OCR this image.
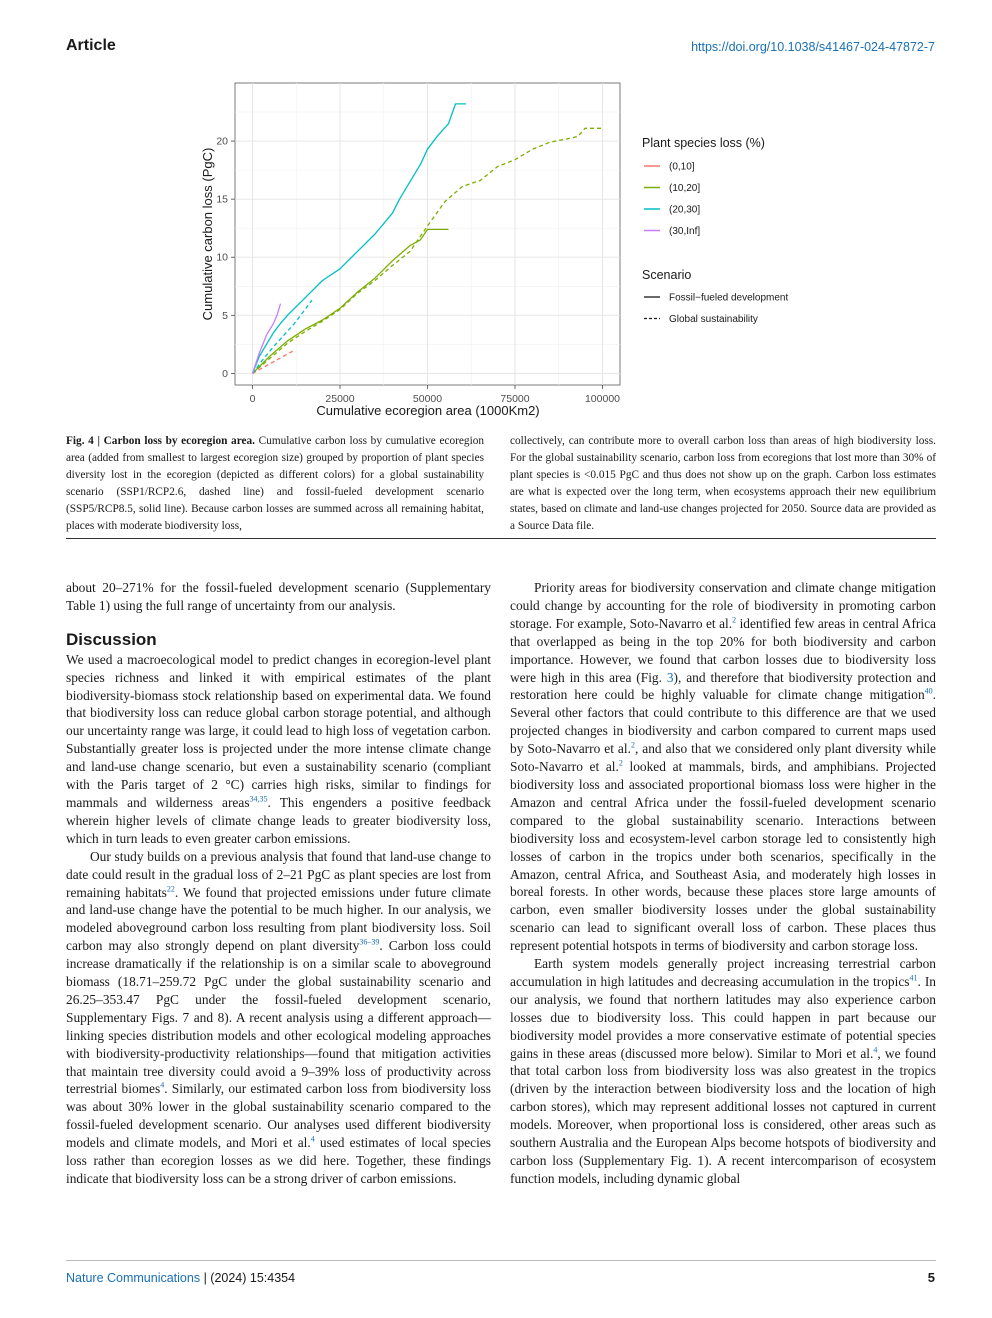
Article	https://doi.org/10.1038/s41467-024-47872-7
0	25000	50000	75000	100000
0
5
10
15
20
Cumulative carbon loss (PgC)
Cumulative ecoregion area (1000Km2)
Plant species loss (%)
(0,10]
(10,20]
(20,30]
(30,Inf]
Scenario
Fossil−fueled development
Global sustainability
Fig. 4 | Carbon loss by ecoregion area. Cumulative carbon loss by cumulative ecoregion area (added from smallest to largest ecoregion size) grouped by proportion of plant species diversity lost in the ecoregion (depicted as different colors) for a global sustainability scenario (SSP1/RCP2.6, dashed line) and fossil-fueled development scenario (SSP5/RCP8.5, solid line). Because carbon losses are summed across all remaining habitat, places with moderate biodiversity loss,
collectively, can contribute more to overall carbon loss than areas of high biodiversity loss. For the global sustainability scenario, carbon loss from ecoregions that lost more than 30% of plant species is <0.015 PgC and thus does not show up on the graph. Carbon loss estimates are what is expected over the long term, when ecosystems approach their new equilibrium states, based on climate and land-use changes projected for 2050. Source data are provided as a Source Data file.

about 20–271% for the fossil-fueled development scenario (Supplementary Table 1) using the full range of uncertainty from our analysis.

Discussion

We used a macroecological model to predict changes in ecoregion-level plant species richness and linked it with empirical estimates of the plant biodiversity-biomass stock relationship based on experimental data. We found that biodiversity loss can reduce global carbon storage potential, and although our uncertainty range was large, it could lead to high loss of vegetation carbon. Substantially greater loss is projected under the more intense climate change and land-use change scenario, but even a sustainability scenario (compliant with the Paris target of 2 °C) carries high risks, similar to findings for mammals and wilderness areas$^{34,35}$. This engenders a positive feedback wherein higher levels of climate change leads to greater biodiversity loss, which in turn leads to even greater carbon emissions.

Our study builds on a previous analysis that found that land-use change to date could result in the gradual loss of 2–21 PgC as plant species are lost from remaining habitats$^{22}$. We found that projected emissions under future climate and land-use change have the potential to be much higher. In our analysis, we modeled aboveground carbon loss resulting from plant biodiversity loss. Soil carbon may also strongly depend on plant diversity$^{36-39}$. Carbon loss could increase dramatically if the relationship is on a similar scale to aboveground biomass (18.71–259.72 PgC under the global sustainability scenario and 26.25–353.47 PgC under the fossil-fueled development scenario, Supplementary Figs. 7 and 8). A recent analysis using a different approach—linking species distribution models and other ecological modeling approaches with biodiversity-productivity relationships—found that mitigation activities that maintain tree diversity could avoid a 9–39% loss of productivity across terrestrial biomes$^4$. Similarly, our estimated carbon loss from biodiversity loss was about 30% lower in the global sustainability scenario compared to the fossil-fueled development scenario. Our analyses used different biodiversity models and climate models, and Mori et al.$^4$ used estimates of local species loss rather than ecoregion losses as we did here. Together, these findings indicate that biodiversity loss can be a strong driver of carbon emissions.

Priority areas for biodiversity conservation and climate change mitigation could change by accounting for the role of biodiversity in promoting carbon storage. For example, Soto-Navarro et al.$^2$ identified few areas in central Africa that overlapped as being in the top 20% for both biodiversity and carbon importance. However, we found that carbon losses due to biodiversity loss were high in this area (Fig. 3), and therefore that biodiversity protection and restoration here could be highly valuable for climate change mitigation$^{40}$. Several other factors that could contribute to this difference are that we used projected changes in biodiversity and carbon compared to current maps used by Soto-Navarro et al.$^2$, and also that we considered only plant diversity while Soto-Navarro et al.$^2$ looked at mammals, birds, and amphibians. Projected biodiversity loss and associated proportional biomass loss were higher in the Amazon and central Africa under the fossil-fueled development scenario compared to the global sustainability scenario. Interactions between biodiversity loss and ecosystem-level carbon storage led to consistently high losses of carbon in the tropics under both scenarios, specifically in the Amazon, central Africa, and Southeast Asia, and moderately high losses in boreal forests. In other words, because these places store large amounts of carbon, even smaller biodiversity losses under the global sustainability scenario can lead to significant overall loss of carbon. These places thus represent potential hotspots in terms of biodiversity and carbon storage loss.

Earth system models generally project increasing terrestrial carbon accumulation in high latitudes and decreasing accumulation in the tropics$^{41}$. In our analysis, we found that northern latitudes may also experience carbon losses due to biodiversity loss. This could happen in part because our biodiversity model provides a more conservative estimate of potential species gains in these areas (discussed more below). Similar to Mori et al.$^4$, we found that total carbon loss from biodiversity loss was also greatest in the tropics (driven by the interaction between biodiversity loss and the location of high carbon stores), which may represent additional losses not captured in current models. Moreover, when proportional loss is considered, other areas such as southern Australia and the European Alps become hotspots of biodiversity and carbon loss (Supplementary Fig. 1). A recent intercomparison of ecosystem function models, including dynamic global

Nature Communications | (2024) 15:4354	5
